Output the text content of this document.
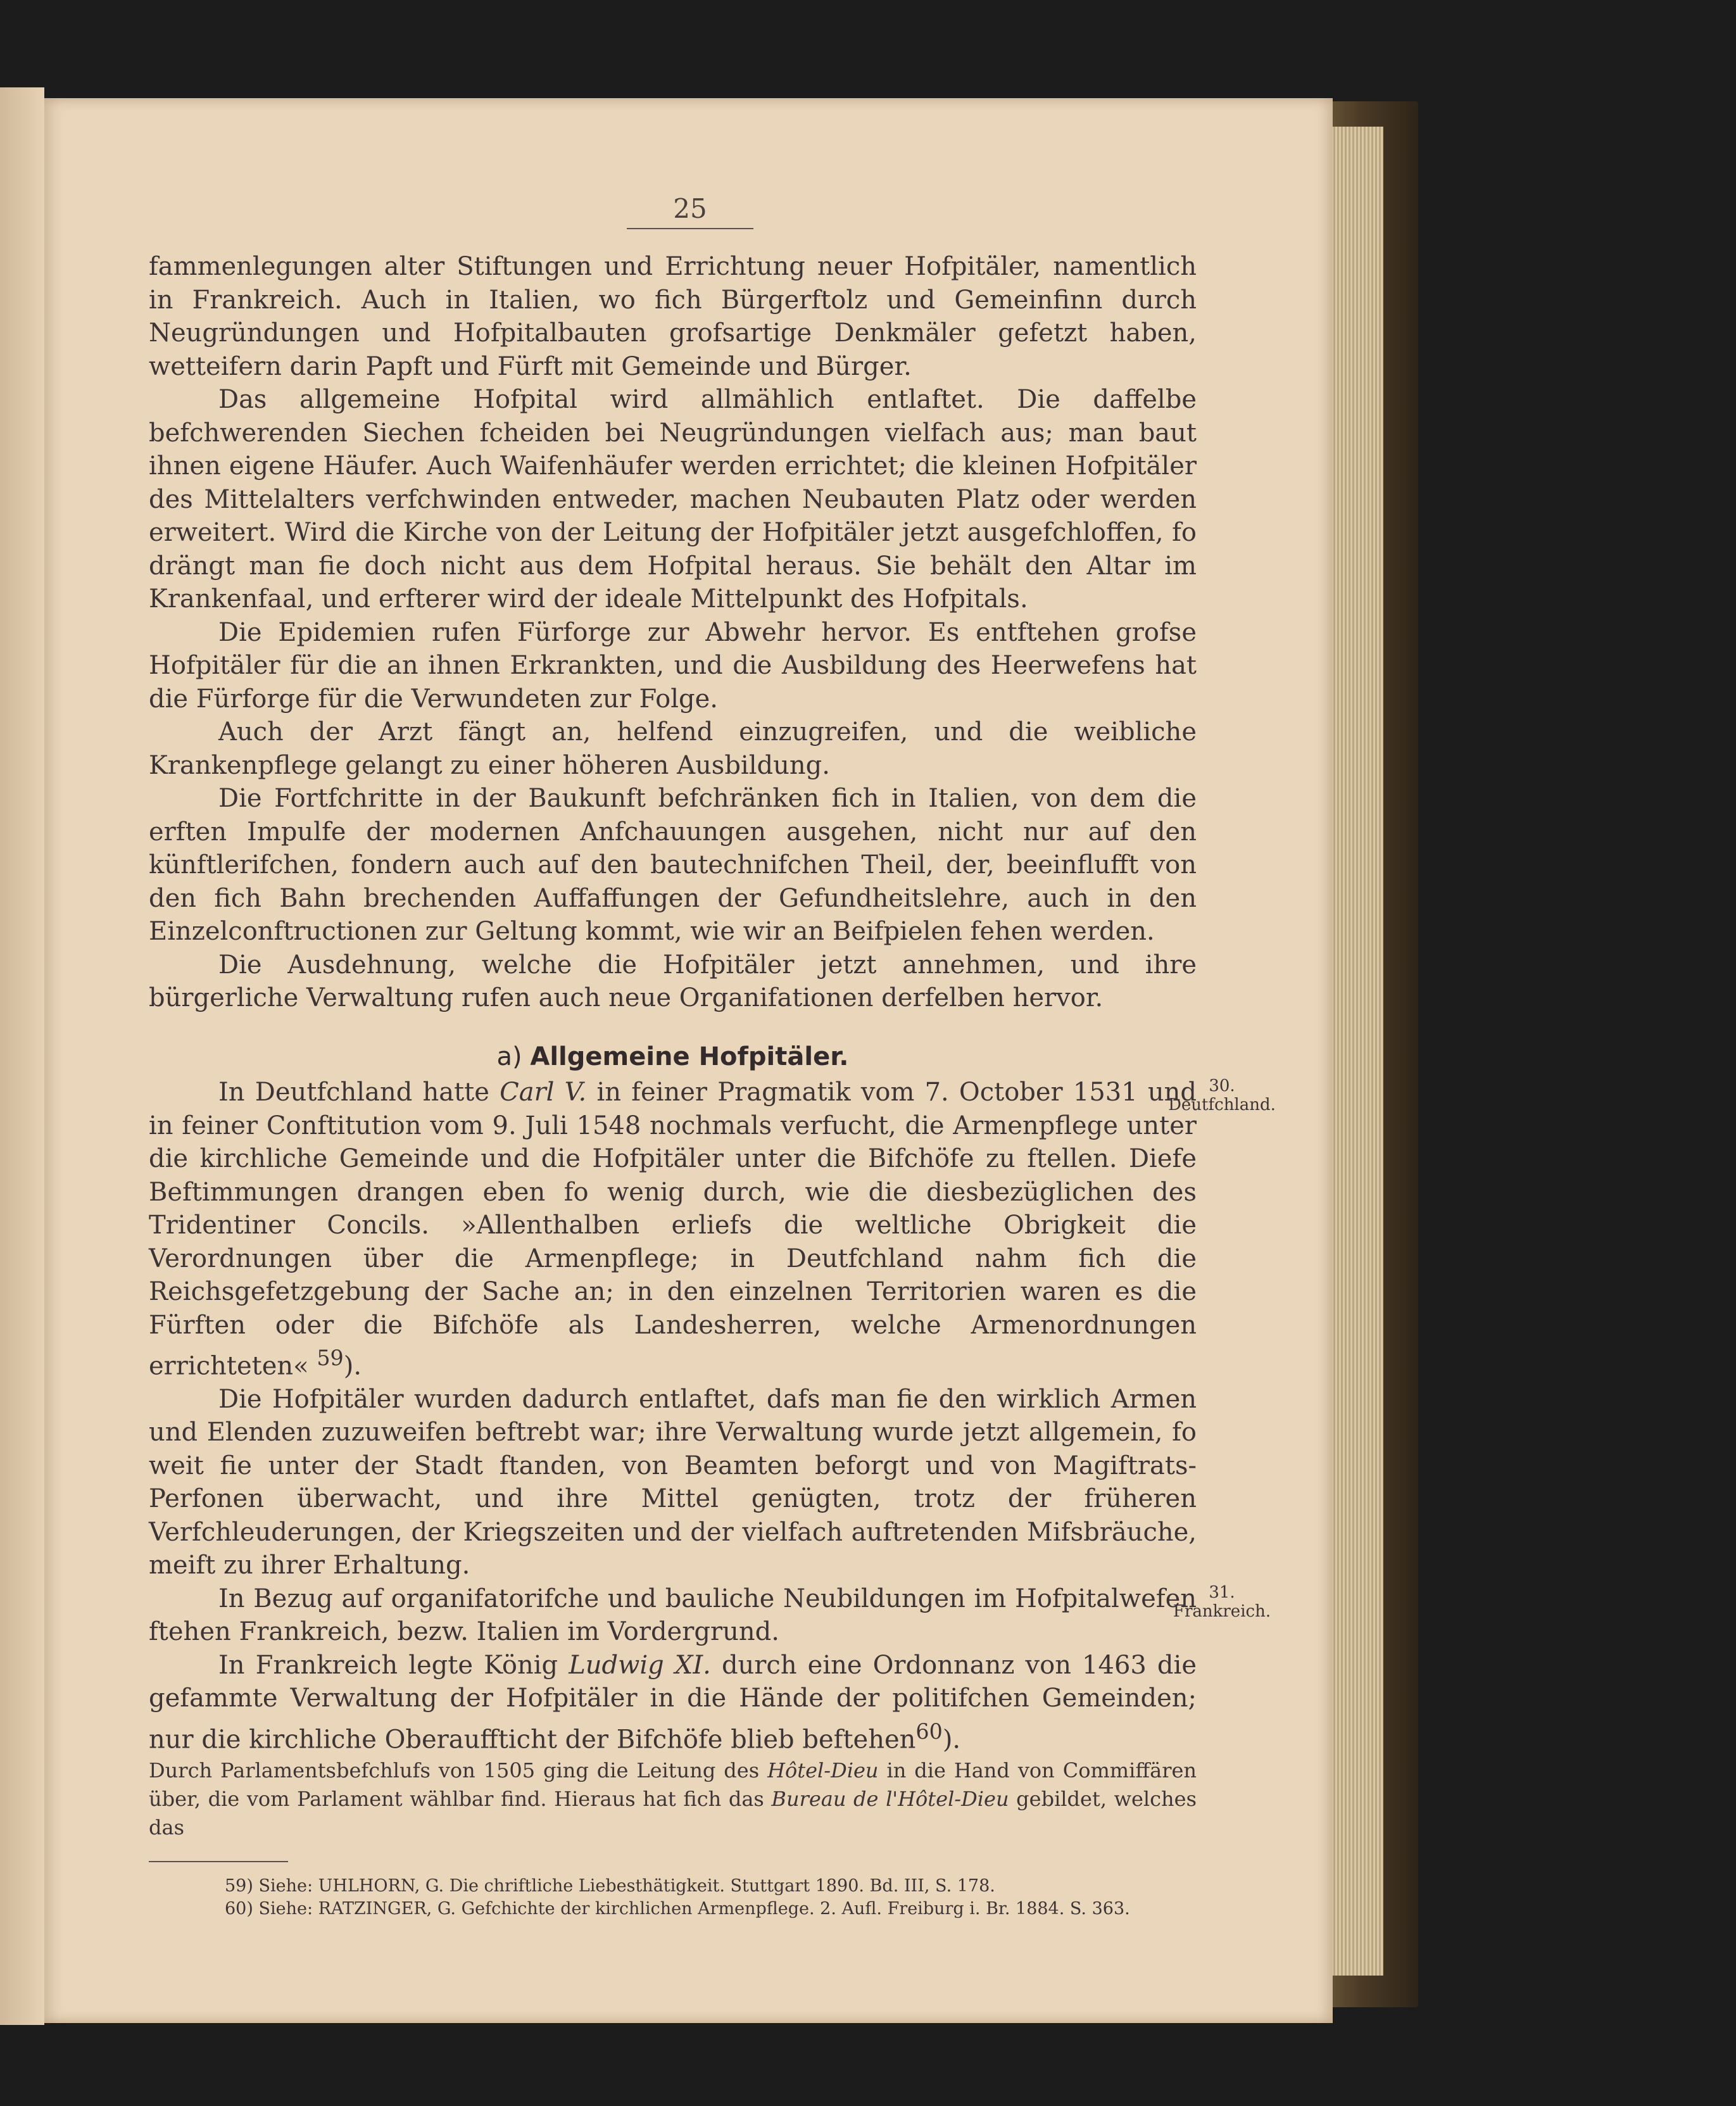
25

fammenlegungen alter Stiftungen und Errichtung neuer Hofpitäler, namentlich in Frankreich. Auch in Italien, wo fich Bürgerftolz und Gemeinfinn durch Neugründungen und Hofpitalbauten grofsartige Denkmäler gefetzt haben, wetteifern darin Papft und Fürft mit Gemeinde und Bürger.

Das allgemeine Hofpital wird allmählich entlaftet. Die daffelbe befchwerenden Siechen fcheiden bei Neugründungen vielfach aus; man baut ihnen eigene Häufer. Auch Waifenhäufer werden errichtet; die kleinen Hofpitäler des Mittelalters verfchwinden entweder, machen Neubauten Platz oder werden erweitert. Wird die Kirche von der Leitung der Hofpitäler jetzt ausgefchloffen, fo drängt man fie doch nicht aus dem Hofpital heraus. Sie behält den Altar im Krankenfaal, und erfterer wird der ideale Mittelpunkt des Hofpitals.

Die Epidemien rufen Fürforge zur Abwehr hervor. Es entftehen grofse Hofpitäler für die an ihnen Erkrankten, und die Ausbildung des Heerwefens hat die Fürforge für die Verwundeten zur Folge.

Auch der Arzt fängt an, helfend einzugreifen, und die weibliche Krankenpflege gelangt zu einer höheren Ausbildung.

Die Fortfchritte in der Baukunft befchränken fich in Italien, von dem die erften Impulfe der modernen Anfchauungen ausgehen, nicht nur auf den künftlerifchen, fondern auch auf den bautechnifchen Theil, der, beeinflufft von den fich Bahn brechenden Auffaffungen der Gefundheitslehre, auch in den Einzelconftructionen zur Geltung kommt, wie wir an Beifpielen fehen werden.

Die Ausdehnung, welche die Hofpitäler jetzt annehmen, und ihre bürgerliche Verwaltung rufen auch neue Organifationen derfelben hervor.

a) Allgemeine Hofpitäler.

In Deutfchland hatte Carl V. in feiner Pragmatik vom 7. October 1531 und in feiner Conftitution vom 9. Juli 1548 nochmals verfucht, die Armenpflege unter die kirchliche Gemeinde und die Hofpitäler unter die Bifchöfe zu ftellen. Diefe Beftimmungen drangen eben fo wenig durch, wie die diesbezüglichen des Tridentiner Concils. »Allenthalben erliefs die weltliche Obrigkeit die Verordnungen über die Armenpflege; in Deutfchland nahm fich die Reichsgefetzgebung der Sache an; in den einzelnen Territorien waren es die Fürften oder die Bifchöfe als Landesherren, welche Armenordnungen errichteten« $^{59}$).

Die Hofpitäler wurden dadurch entlaftet, dafs man fie den wirklich Armen und Elenden zuzuweifen beftrebt war; ihre Verwaltung wurde jetzt allgemein, fo weit fie unter der Stadt ftanden, von Beamten beforgt und von Magiftrats-Perfonen überwacht, und ihre Mittel genügten, trotz der früheren Verfchleuderungen, der Kriegszeiten und der vielfach auftretenden Mifsbräuche, meift zu ihrer Erhaltung.

In Bezug auf organifatorifche und bauliche Neubildungen im Hofpitalwefen ftehen Frankreich, bezw. Italien im Vordergrund.

In Frankreich legte König Ludwig XI. durch eine Ordonnanz von 1463 die gefammte Verwaltung der Hofpitäler in die Hände der politifchen Gemeinden; nur die kirchliche Oberauffticht der Bifchöfe blieb beftehen$^{60}$).

Durch Parlamentsbefchlufs von 1505 ging die Leitung des Hôtel-Dieu in die Hand von Commiffären über, die vom Parlament wählbar find. Hieraus hat fich das Bureau de l'Hôtel-Dieu gebildet, welches das

59) Siehe: UHLHORN, G. Die chriftliche Liebesthätigkeit. Stuttgart 1890. Bd. III, S. 178.

60) Siehe: RATZINGER, G. Gefchichte der kirchlichen Armenpflege. 2. Aufl. Freiburg i. Br. 1884. S. 363.

30.
Deutfchland.
31.
Frankreich.
